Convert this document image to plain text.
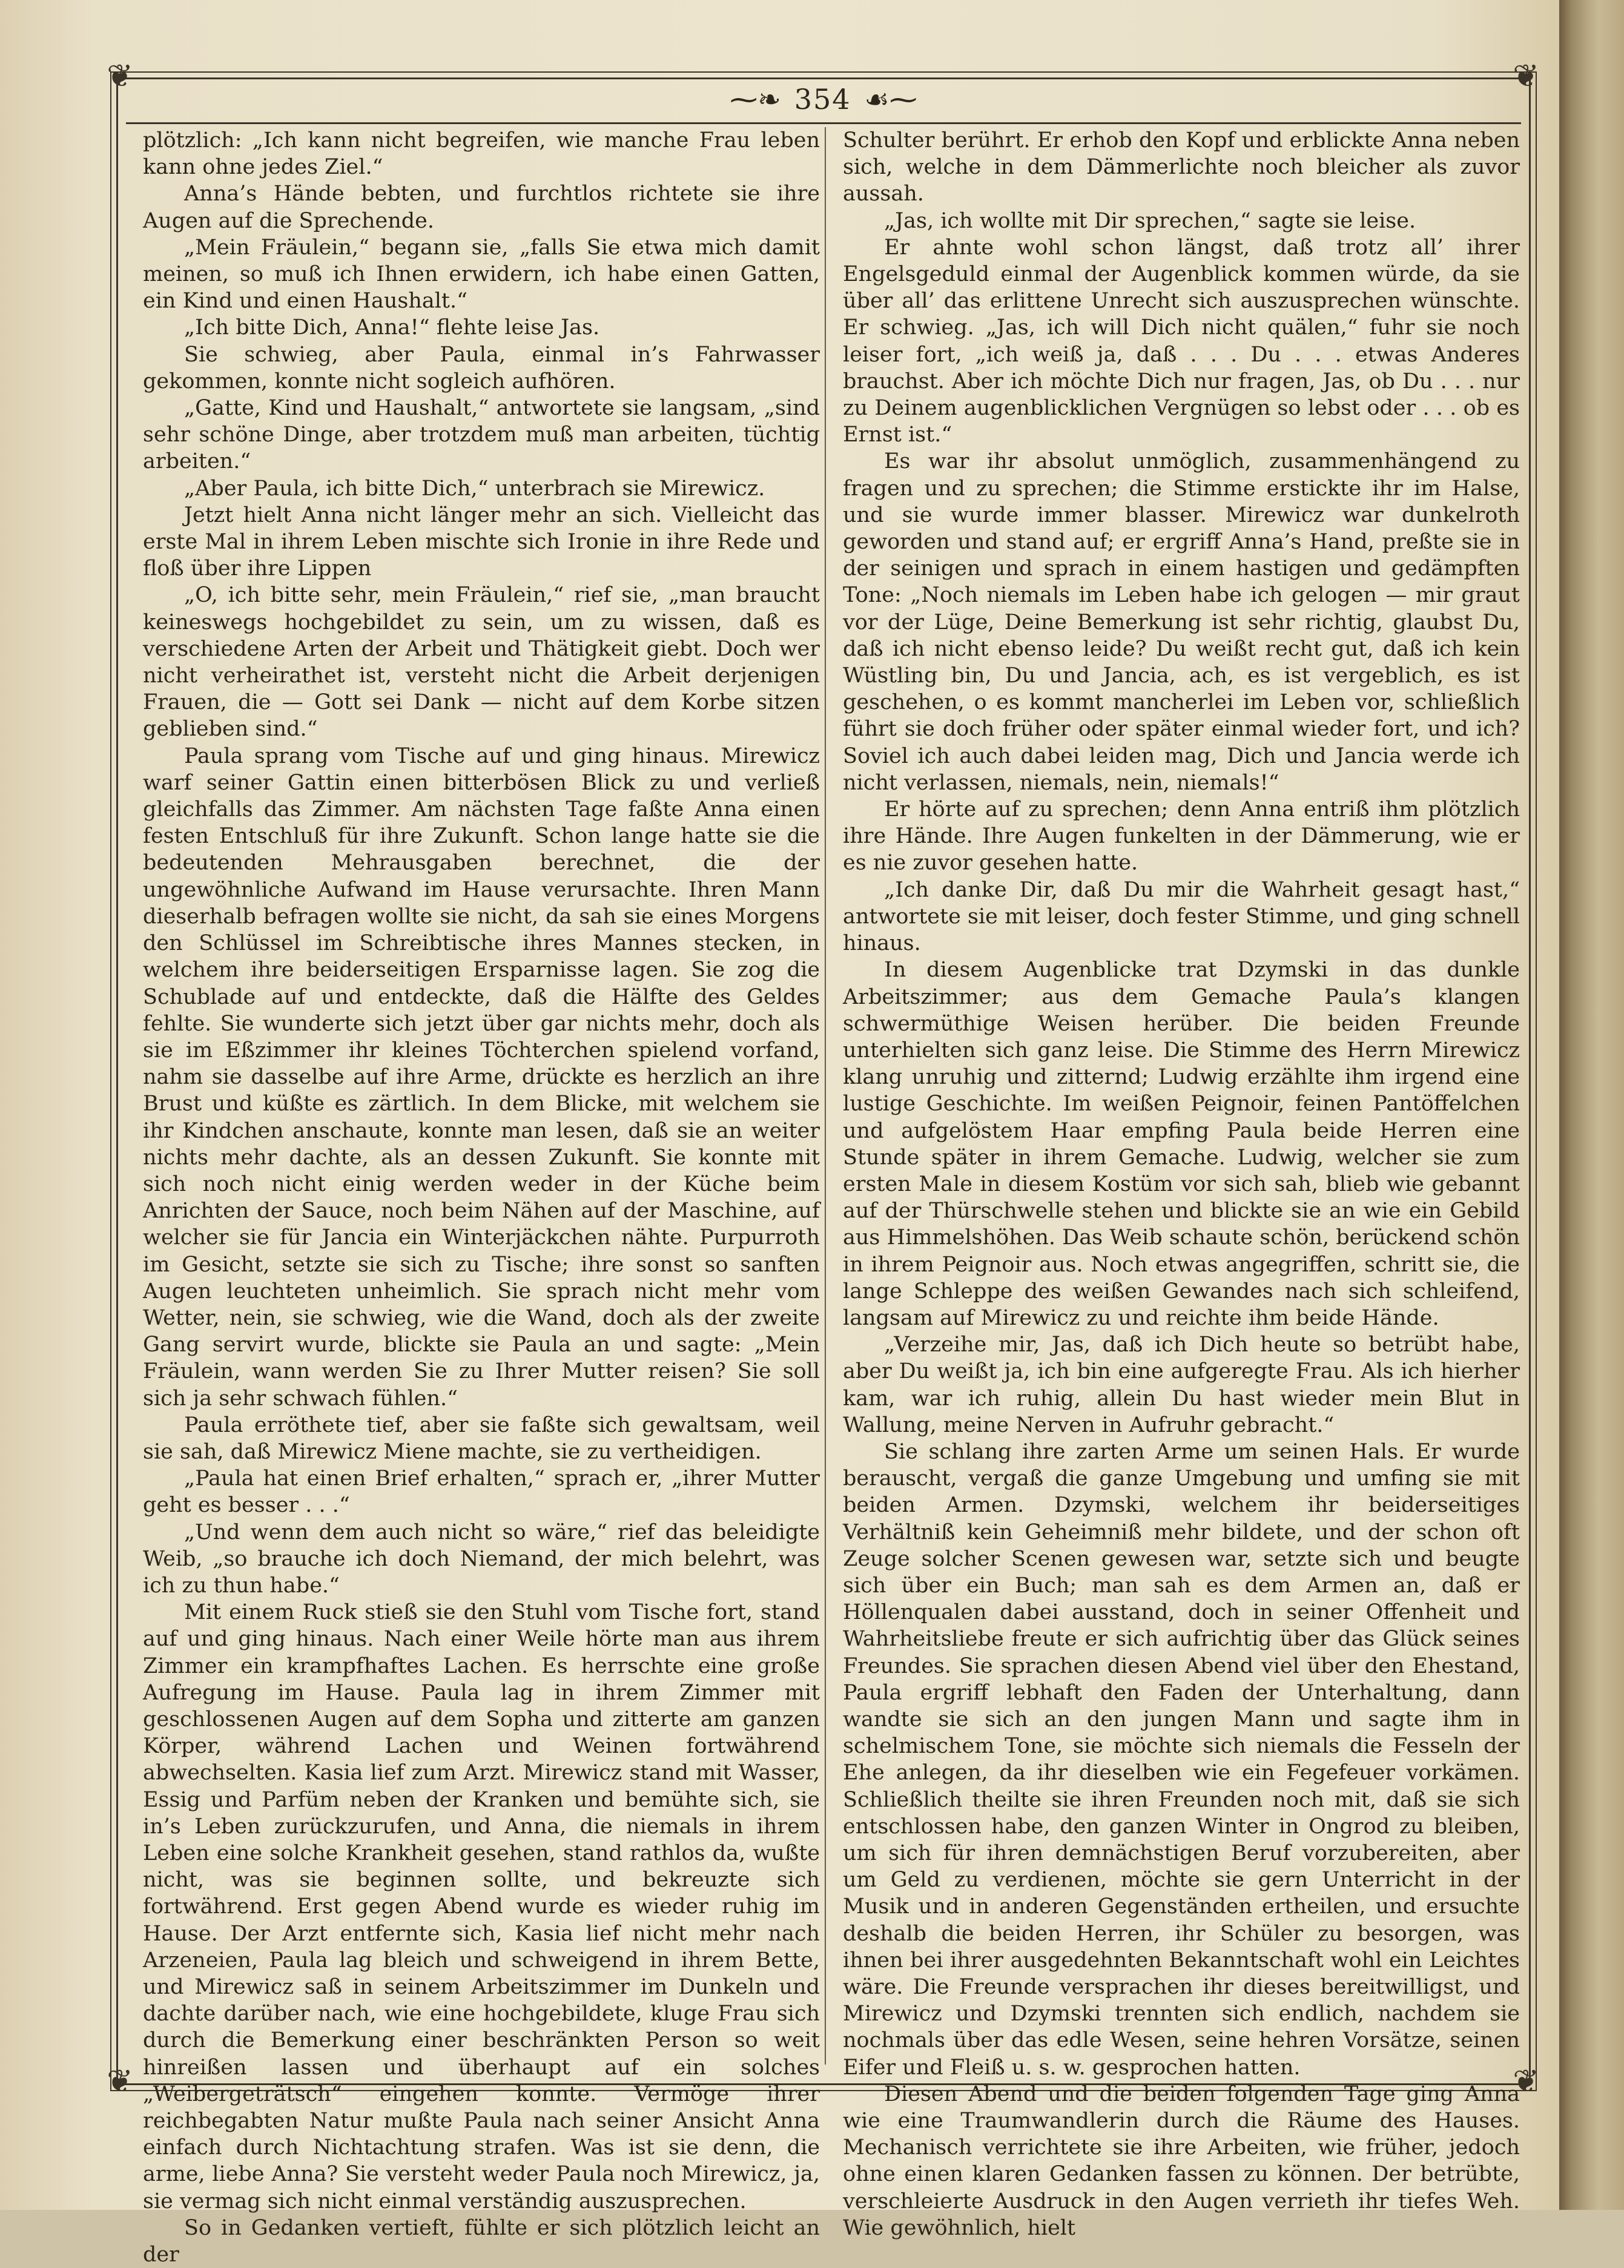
❦	❦
❦	❦
⁓❧ 354 ☙⁓

plötzlich: „Ich kann nicht begreifen, wie manche Frau leben kann ohne jedes Ziel.“

Anna’s Hände bebten, und furchtlos richtete sie ihre Augen auf die Sprechende.

„Mein Fräulein,“ begann sie, „falls Sie etwa mich damit meinen, so muß ich Ihnen erwidern, ich habe einen Gatten, ein Kind und einen Haushalt.“

„Ich bitte Dich, Anna!“ flehte leise Jas.

Sie schwieg, aber Paula, einmal in’s Fahrwasser gekommen, konnte nicht sogleich aufhören.

„Gatte, Kind und Haushalt,“ antwortete sie langsam, „sind sehr schöne Dinge, aber trotzdem muß man arbeiten, tüchtig arbeiten.“

„Aber Paula, ich bitte Dich,“ unterbrach sie Mirewicz.

Jetzt hielt Anna nicht länger mehr an sich. Vielleicht das erste Mal in ihrem Leben mischte sich Ironie in ihre Rede und floß über ihre Lippen

„O, ich bitte sehr, mein Fräulein,“ rief sie, „man braucht keineswegs hochgebildet zu sein, um zu wissen, daß es verschiedene Arten der Arbeit und Thätigkeit giebt. Doch wer nicht verheirathet ist, versteht nicht die Arbeit derjenigen Frauen, die — Gott sei Dank — nicht auf dem Korbe sitzen geblieben sind.“

Paula sprang vom Tische auf und ging hinaus. Mirewicz warf seiner Gattin einen bitterbösen Blick zu und verließ gleichfalls das Zimmer. Am nächsten Tage faßte Anna einen festen Entschluß für ihre Zukunft. Schon lange hatte sie die bedeutenden Mehrausgaben berechnet, die der ungewöhnliche Aufwand im Hause verursachte. Ihren Mann dieserhalb befragen wollte sie nicht, da sah sie eines Morgens den Schlüssel im Schreibtische ihres Mannes stecken, in welchem ihre beiderseitigen Ersparnisse lagen. Sie zog die Schublade auf und entdeckte, daß die Hälfte des Geldes fehlte. Sie wunderte sich jetzt über gar nichts mehr, doch als sie im Eßzimmer ihr kleines Töchterchen spielend vorfand, nahm sie dasselbe auf ihre Arme, drückte es herzlich an ihre Brust und küßte es zärtlich. In dem Blicke, mit welchem sie ihr Kindchen anschaute, konnte man lesen, daß sie an weiter nichts mehr dachte, als an dessen Zukunft. Sie konnte mit sich noch nicht einig werden weder in der Küche beim Anrichten der Sauce, noch beim Nähen auf der Maschine, auf welcher sie für Jancia ein Winterjäckchen nähte. Purpurroth im Gesicht, setzte sie sich zu Tische; ihre sonst so sanften Augen leuchteten unheimlich. Sie sprach nicht mehr vom Wetter, nein, sie schwieg, wie die Wand, doch als der zweite Gang servirt wurde, blickte sie Paula an und sagte: „Mein Fräulein, wann werden Sie zu Ihrer Mutter reisen? Sie soll sich ja sehr schwach fühlen.“

Paula erröthete tief, aber sie faßte sich gewaltsam, weil sie sah, daß Mirewicz Miene machte, sie zu vertheidigen.

„Paula hat einen Brief erhalten,“ sprach er, „ihrer Mutter geht es besser . . .“

„Und wenn dem auch nicht so wäre,“ rief das beleidigte Weib, „so brauche ich doch Niemand, der mich belehrt, was ich zu thun habe.“

Mit einem Ruck stieß sie den Stuhl vom Tische fort, stand auf und ging hinaus. Nach einer Weile hörte man aus ihrem Zimmer ein krampfhaftes Lachen. Es herrschte eine große Aufregung im Hause. Paula lag in ihrem Zimmer mit geschlossenen Augen auf dem Sopha und zitterte am ganzen Körper, während Lachen und Weinen fortwährend abwechselten. Kasia lief zum Arzt. Mirewicz stand mit Wasser, Essig und Parfüm neben der Kranken und bemühte sich, sie in’s Leben zurückzurufen, und Anna, die niemals in ihrem Leben eine solche Krankheit gesehen, stand rathlos da, wußte nicht, was sie beginnen sollte, und bekreuzte sich fortwährend. Erst gegen Abend wurde es wieder ruhig im Hause. Der Arzt entfernte sich, Kasia lief nicht mehr nach Arzeneien, Paula lag bleich und schweigend in ihrem Bette, und Mirewicz saß in seinem Arbeitszimmer im Dunkeln und dachte darüber nach, wie eine hochgebildete, kluge Frau sich durch die Bemerkung einer beschränkten Person so weit hinreißen lassen und überhaupt auf ein solches „Weibergeträtsch“ eingehen konnte. Vermöge ihrer reichbegabten Natur mußte Paula nach seiner Ansicht Anna einfach durch Nichtachtung strafen. Was ist sie denn, die arme, liebe Anna? Sie versteht weder Paula noch Mirewicz, ja, sie vermag sich nicht einmal verständig auszusprechen.

So in Gedanken vertieft, fühlte er sich plötzlich leicht an der

Schulter berührt. Er erhob den Kopf und erblickte Anna neben sich, welche in dem Dämmerlichte noch bleicher als zuvor aussah.

„Jas, ich wollte mit Dir sprechen,“ sagte sie leise.

Er ahnte wohl schon längst, daß trotz all’ ihrer Engelsgeduld einmal der Augenblick kommen würde, da sie über all’ das erlittene Unrecht sich auszusprechen wünschte. Er schwieg. „Jas, ich will Dich nicht quälen,“ fuhr sie noch leiser fort, „ich weiß ja, daß . . . Du . . . etwas Anderes brauchst. Aber ich möchte Dich nur fragen, Jas, ob Du . . . nur zu Deinem augenblicklichen Vergnügen so lebst oder . . . ob es Ernst ist.“

Es war ihr absolut unmöglich, zusammenhängend zu fragen und zu sprechen; die Stimme erstickte ihr im Halse, und sie wurde immer blasser. Mirewicz war dunkelroth geworden und stand auf; er ergriff Anna’s Hand, preßte sie in der seinigen und sprach in einem hastigen und gedämpften Tone: „Noch niemals im Leben habe ich gelogen — mir graut vor der Lüge, Deine Bemerkung ist sehr richtig, glaubst Du, daß ich nicht ebenso leide? Du weißt recht gut, daß ich kein Wüstling bin, Du und Jancia, ach, es ist vergeblich, es ist geschehen, o es kommt mancherlei im Leben vor, schließlich führt sie doch früher oder später einmal wieder fort, und ich? Soviel ich auch dabei leiden mag, Dich und Jancia werde ich nicht verlassen, niemals, nein, niemals!“

Er hörte auf zu sprechen; denn Anna entriß ihm plötzlich ihre Hände. Ihre Augen funkelten in der Dämmerung, wie er es nie zuvor gesehen hatte.

„Ich danke Dir, daß Du mir die Wahrheit gesagt hast,“ antwortete sie mit leiser, doch fester Stimme, und ging schnell hinaus.

In diesem Augenblicke trat Dzymski in das dunkle Arbeitszimmer; aus dem Gemache Paula’s klangen schwermüthige Weisen herüber. Die beiden Freunde unterhielten sich ganz leise. Die Stimme des Herrn Mirewicz klang unruhig und zitternd; Ludwig erzählte ihm irgend eine lustige Geschichte. Im weißen Peignoir, feinen Pantöffelchen und aufgelöstem Haar empfing Paula beide Herren eine Stunde später in ihrem Gemache. Ludwig, welcher sie zum ersten Male in diesem Kostüm vor sich sah, blieb wie gebannt auf der Thürschwelle stehen und blickte sie an wie ein Gebild aus Himmelshöhen. Das Weib schaute schön, berückend schön in ihrem Peignoir aus. Noch etwas angegriffen, schritt sie, die lange Schleppe des weißen Gewandes nach sich schleifend, langsam auf Mirewicz zu und reichte ihm beide Hände.

„Verzeihe mir, Jas, daß ich Dich heute so betrübt habe, aber Du weißt ja, ich bin eine aufgeregte Frau. Als ich hierher kam, war ich ruhig, allein Du hast wieder mein Blut in Wallung, meine Nerven in Aufruhr gebracht.“

Sie schlang ihre zarten Arme um seinen Hals. Er wurde berauscht, vergaß die ganze Umgebung und umfing sie mit beiden Armen. Dzymski, welchem ihr beiderseitiges Verhältniß kein Geheimniß mehr bildete, und der schon oft Zeuge solcher Scenen gewesen war, setzte sich und beugte sich über ein Buch; man sah es dem Armen an, daß er Höllenqualen dabei ausstand, doch in seiner Offenheit und Wahrheitsliebe freute er sich aufrichtig über das Glück seines Freundes. Sie sprachen diesen Abend viel über den Ehestand, Paula ergriff lebhaft den Faden der Unterhaltung, dann wandte sie sich an den jungen Mann und sagte ihm in schelmischem Tone, sie möchte sich niemals die Fesseln der Ehe anlegen, da ihr dieselben wie ein Fegefeuer vorkämen. Schließlich theilte sie ihren Freunden noch mit, daß sie sich entschlossen habe, den ganzen Winter in Ongrod zu bleiben, um sich für ihren demnächstigen Beruf vorzubereiten, aber um Geld zu verdienen, möchte sie gern Unterricht in der Musik und in anderen Gegenständen ertheilen, und ersuchte deshalb die beiden Herren, ihr Schüler zu besorgen, was ihnen bei ihrer ausgedehnten Bekanntschaft wohl ein Leichtes wäre. Die Freunde versprachen ihr dieses bereitwilligst, und Mirewicz und Dzymski trennten sich endlich, nachdem sie nochmals über das edle Wesen, seine hehren Vorsätze, seinen Eifer und Fleiß u. s. w. gesprochen hatten.

Diesen Abend und die beiden folgenden Tage ging Anna wie eine Traumwandlerin durch die Räume des Hauses. Mechanisch verrichtete sie ihre Arbeiten, wie früher, jedoch ohne einen klaren Gedanken fassen zu können. Der betrübte, verschleierte Ausdruck in den Augen verrieth ihr tiefes Weh. Wie gewöhnlich, hielt
